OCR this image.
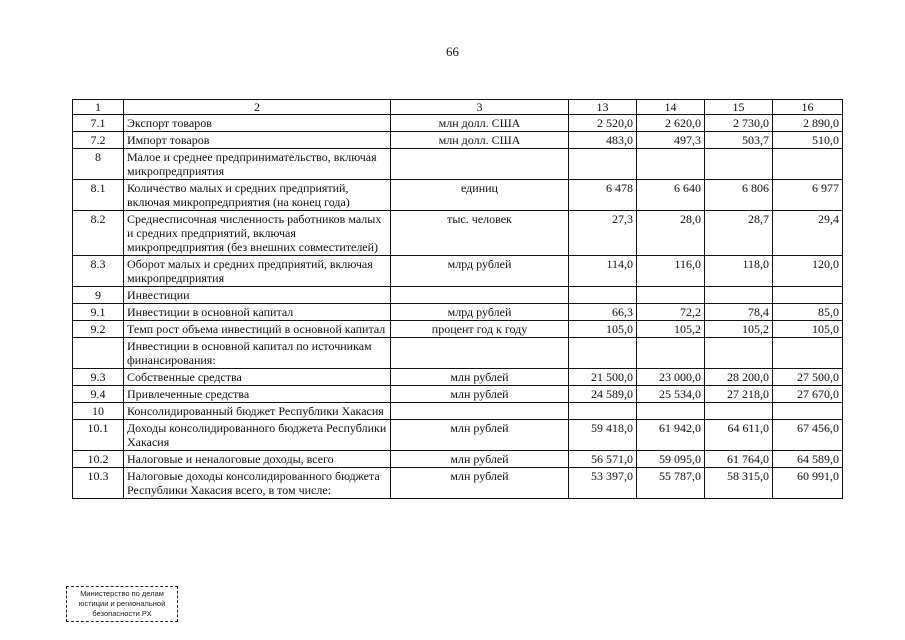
66
1	2	3	13	14	15	16
7.1	Экспорт товаров	млн долл. США	2 520,0	2 620,0	2 730,0	2 890,0
7.2	Импорт товаров	млн долл. США	483,0	497,3	503,7	510,0
8	Малое и среднее предпринимательство, включая микропредприятия					
8.1	Количество малых и средних предприятий, включая микропредприятия (на конец года)	единиц	6 478	6 640	6 806	6 977
8.2	Среднесписочная численность работников малых и средних предприятий, включая микропредприятия (без внешних совместителей)	тыс. человек	27,3	28,0	28,7	29,4
8.3	Оборот малых и средних предприятий, включая микропредприятия	млрд рублей	114,0	116,0	118,0	120,0
9	Инвестиции					
9.1	Инвестиции в основной капитал	млрд рублей	66,3	72,2	78,4	85,0
9.2	Темп рост объема инвестиций в основной капитал	процент год к году	105,0	105,2	105,2	105,0
	Инвестиции в основной капитал по источникам финансирования:					
9.3	Собственные средства	млн рублей	21 500,0	23 000,0	28 200,0	27 500,0
9.4	Привлеченные средства	млн рублей	24 589,0	25 534,0	27 218,0	27 670,0
10	Консолидированный бюджет Республики Хакасия					
10.1	Доходы консолидированного бюджета Республики Хакасия	млн рублей	59 418,0	61 942,0	64 611,0	67 456,0
10.2	Налоговые и неналоговые доходы, всего	млн рублей	56 571,0	59 095,0	61 764,0	64 589,0
10.3	Налоговые доходы консолидированного бюджета Республики Хакасия всего, в том числе:	млн рублей	53 397,0	55 787,0	58 315,0	60 991,0
Министерство по делам
юстиции и региональной
безопасности РХ
